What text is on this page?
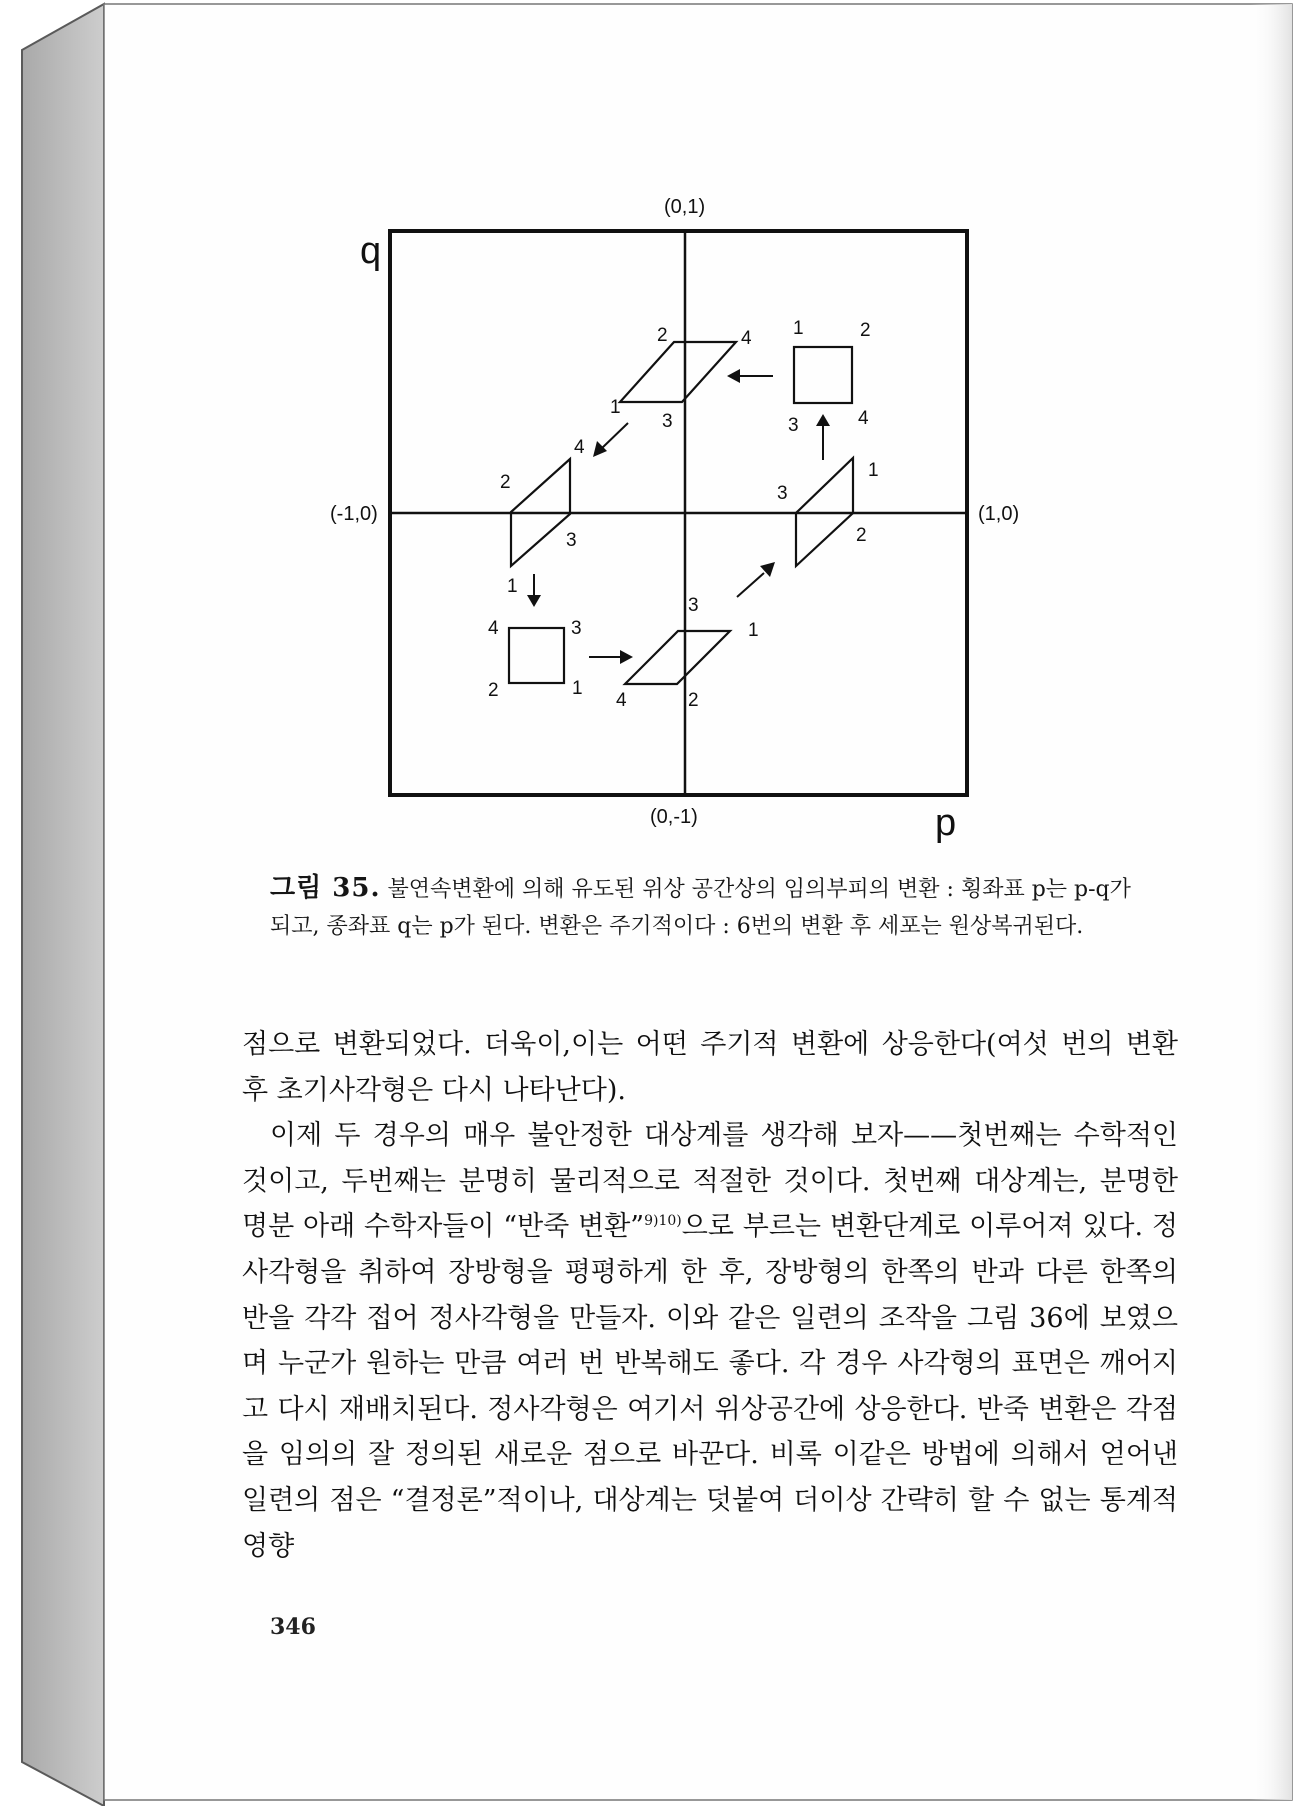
q
p
(0,1)
(0,-1)
(-1,0)	(1,0)
1	2
3	4
1
3
2
3
1
4	2
4	3
2	1
4
2
3
1
2	4
1
3
그림 35. 불연속변환에 의해 유도된 위상 공간상의 임의부피의 변환 : 횡좌표 p는 p-q가 되고, 종좌표 q는 p가 된다. 변환은 주기적이다 : 6번의 변환 후 세포는 원상복귀된다.

점으로 변환되었다. 더욱이,이는 어떤 주기적 변환에 상응한다(여섯 번의 변환 후 초기사각형은 다시 나타난다).

이제 두 경우의 매우 불안정한 대상계를 생각해 보자——첫번째는 수학적인 것이고, 두번째는 분명히 물리적으로 적절한 것이다. 첫번째 대상계는, 분명한 명분 아래 수학자들이 “반죽 변환”$^{9)10)}$으로 부르는 변환단계로 이루어져 있다. 정사각형을 취하여 장방형을 평평하게 한 후, 장방형의 한쪽의 반과 다른 한쪽의 반을 각각 접어 정사각형을 만들자. 이와 같은 일련의 조작을 그림 36에 보였으며 누군가 원하는 만큼 여러 번 반복해도 좋다. 각 경우 사각형의 표면은 깨어지고 다시 재배치된다. 정사각형은 여기서 위상공간에 상응한다. 반죽 변환은 각점을 임의의 잘 정의된 새로운 점으로 바꾼다. 비록 이같은 방법에 의해서 얻어낸 일련의 점은 “결정론”적이나, 대상계는 덧붙여 더이상 간략히 할 수 없는 통계적 영향

346
